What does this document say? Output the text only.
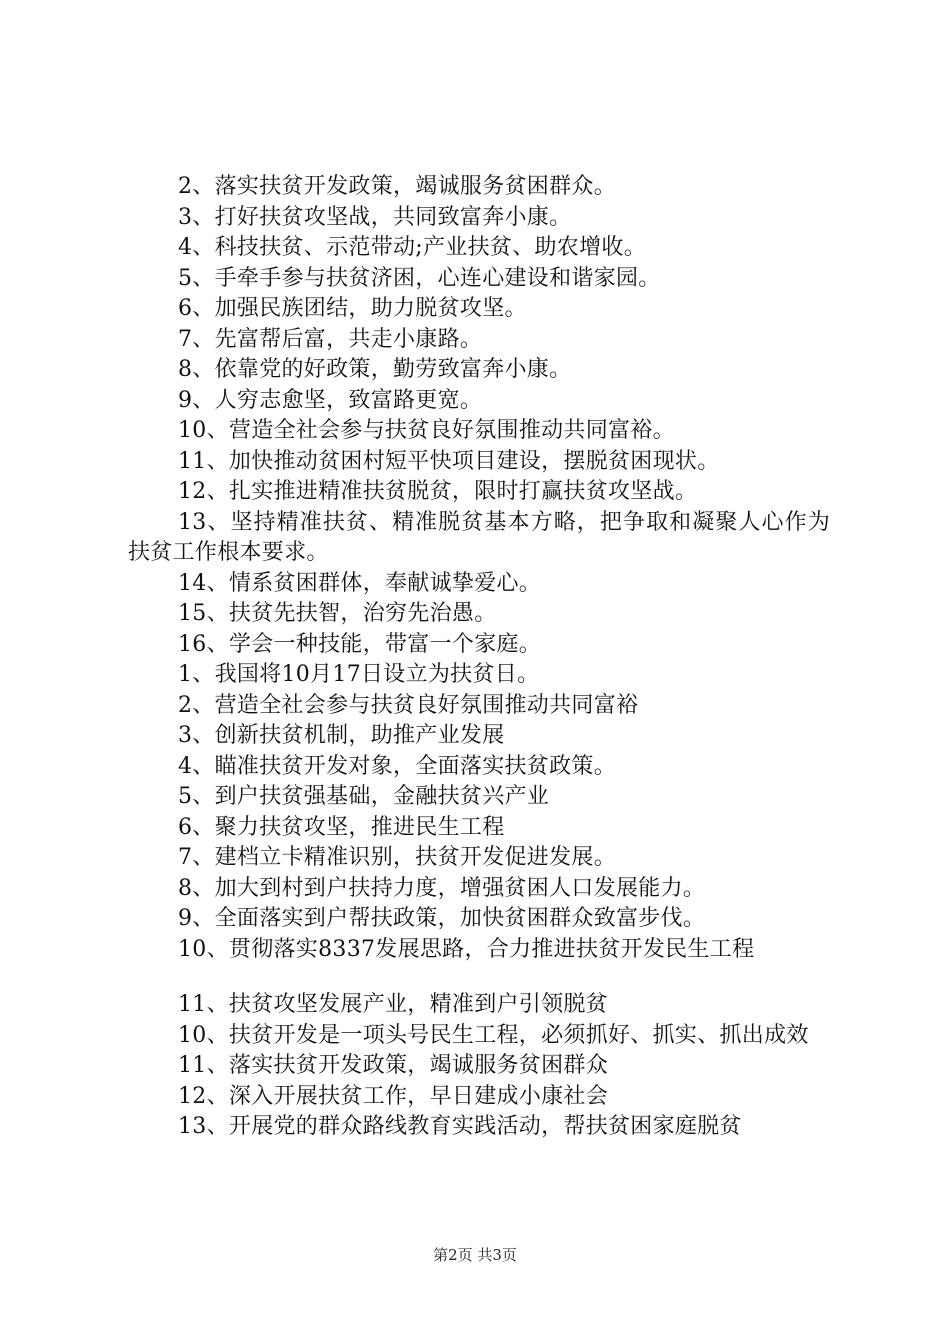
2、落实扶贫开发政策，竭诚服务贫困群众。

3、打好扶贫攻坚战，共同致富奔小康。

4、科技扶贫、示范带动;产业扶贫、助农增收。

5、手牵手参与扶贫济困，心连心建设和谐家园。

6、加强民族团结，助力脱贫攻坚。

7、先富帮后富，共走小康路。

8、依靠党的好政策，勤劳致富奔小康。

9、人穷志愈坚，致富路更宽。

10、营造全社会参与扶贫良好氛围推动共同富裕。

11、加快推动贫困村短平快项目建设，摆脱贫困现状。

12、扎实推进精准扶贫脱贫，限时打赢扶贫攻坚战。

13、坚持精准扶贫、精准脱贫基本方略，把争取和凝聚人心作为扶贫工作根本要求。

14、情系贫困群体，奉献诚挚爱心。

15、扶贫先扶智，治穷先治愚。

16、学会一种技能，带富一个家庭。

1、我国将10月17日设立为扶贫日。

2、营造全社会参与扶贫良好氛围推动共同富裕

3、创新扶贫机制，助推产业发展

4、瞄准扶贫开发对象，全面落实扶贫政策。

5、到户扶贫强基础，金融扶贫兴产业

6、聚力扶贫攻坚，推进民生工程

7、建档立卡精准识别，扶贫开发促进发展。

8、加大到村到户扶持力度，增强贫困人口发展能力。

9、全面落实到户帮扶政策，加快贫困群众致富步伐。

10、贯彻落实8337发展思路，合力推进扶贫开发民生工程

11、扶贫攻坚发展产业，精准到户引领脱贫

10、扶贫开发是一项头号民生工程，必须抓好、抓实、抓出成效

11、落实扶贫开发政策，竭诚服务贫困群众

12、深入开展扶贫工作，早日建成小康社会

13、开展党的群众路线教育实践活动，帮扶贫困家庭脱贫

第2页 共3页
